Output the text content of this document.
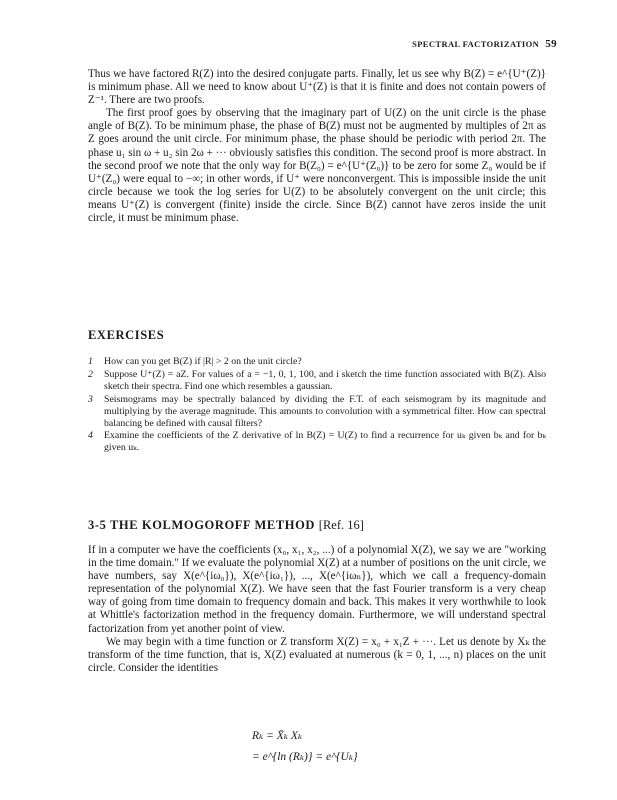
SPECTRAL FACTORIZATION 59

Thus we have factored R(Z) into the desired conjugate parts. Finally, let us see why B(Z) = e^{U⁺(Z)} is minimum phase. All we need to know about U⁺(Z) is that it is finite and does not contain powers of Z⁻¹. There are two proofs.

The first proof goes by observing that the imaginary part of U(Z) on the unit circle is the phase angle of B(Z). To be minimum phase, the phase of B(Z) must not be augmented by multiples of 2π as Z goes around the unit circle. For minimum phase, the phase should be periodic with period 2π. The phase u₁ sin ω + u₂ sin 2ω + ··· obviously satisfies this condition. The second proof is more abstract. In the second proof we note that the only way for B(Z₀) = e^{U⁺(Z₀)} to be zero for some Z₀ would be if U⁺(Z₀) were equal to −∞; in other words, if U⁺ were nonconvergent. This is impossible inside the unit circle because we took the log series for U(Z) to be absolutely convergent on the unit circle; this means U⁺(Z) is convergent (finite) inside the circle. Since B(Z) cannot have zeros inside the unit circle, it must be minimum phase.

EXERCISES
1	How can you get B(Z) if |R| > 2 on the unit circle?
2	Suppose U⁺(Z) = aZ. For values of a = −1, 0, 1, 100, and i sketch the time function associated with B(Z). Also sketch their spectra. Find one which resembles a gaussian.
3	Seismograms may be spectrally balanced by dividing the F.T. of each seismogram by its magnitude and multiplying by the average magnitude. This amounts to convolution with a symmetrical filter. How can spectral balancing be defined with causal filters?
4	Examine the coefficients of the Z derivative of ln B(Z) = U(Z) to find a recurrence for uₖ given bₖ and for bₖ given uₖ.
3-5 THE KOLMOGOROFF METHOD [Ref. 16]

If in a computer we have the coefficients (x₀, x₁, x₂, ...) of a polynomial X(Z), we say we are "working in the time domain." If we evaluate the polynomial X(Z) at a number of positions on the unit circle, we have numbers, say X(e^{iω₀}), X(e^{iω₁}), ..., X(e^{iωₙ}), which we call a frequency-domain representation of the polynomial X(Z). We have seen that the fast Fourier transform is a very cheap way of going from time domain to frequency domain and back. This makes it very worthwhile to look at Whittle's factorization method in the frequency domain. Furthermore, we will understand spectral factorization from yet another point of view.

We may begin with a time function or Z transform X(Z) = x₀ + x₁Z + ···. Let us denote by Xₖ the transform of the time function, that is, X(Z) evaluated at numerous (k = 0, 1, ..., n) places on the unit circle. Consider the identities

Rₖ = X̄ₖ Xₖ
= e^{ln (Rₖ)} = e^{Uₖ}
